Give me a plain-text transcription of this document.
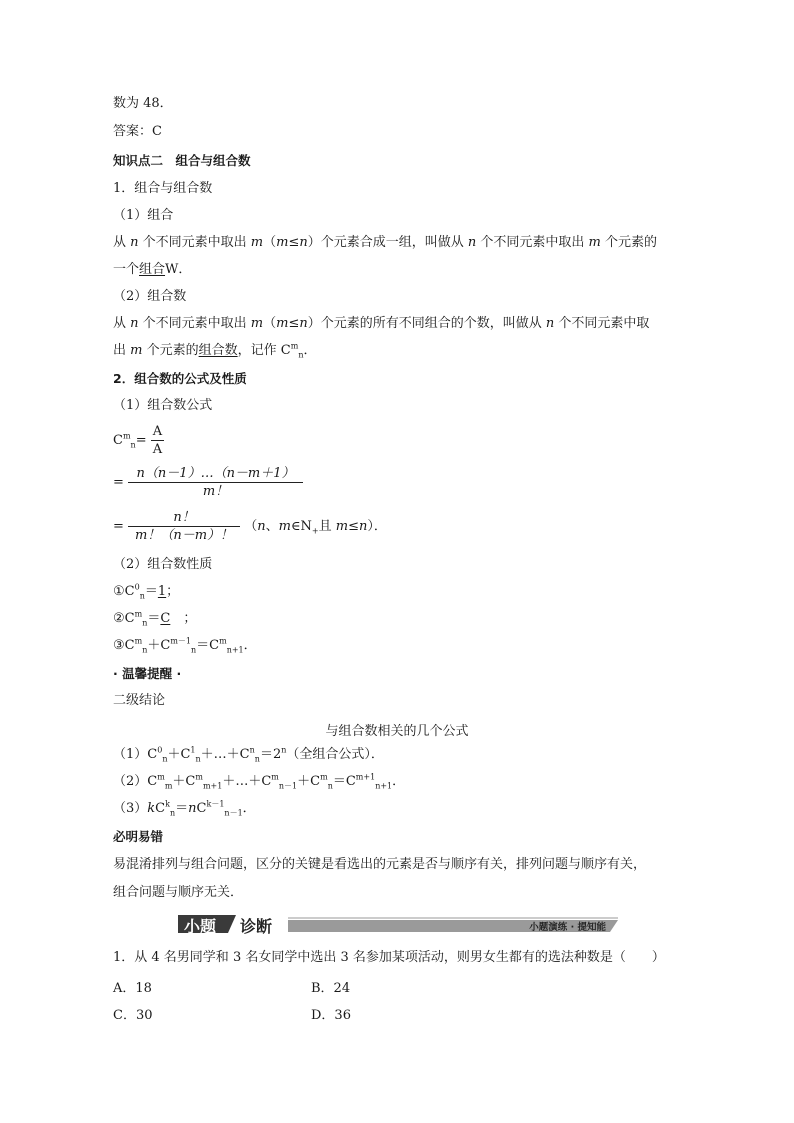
数为 48．
答案：C
知识点二　组合与组合数
1．组合与组合数
（1）组合
从 n 个不同元素中取出 m（m≤n）个元素合成一组，叫做从 n 个不同元素中取出 m 个元素的
一个组合W．
（2）组合数
从 n 个不同元素中取出 m（m≤n）个元素的所有不同组合的个数，叫做从 n 个不同元素中取
出 m 个元素的组合数，记作 $C^m_n$．
2．组合数的公式及性质
（1）组合数公式
$C^m_n= \frac{A}{A}$
= $\frac{n(n-1)\dots(n-m+1)}{m!}$
= $\frac{n!}{m!(n-m)!} (n$、$m\in N_+$且 m≤n）．
（2）组合数性质
$①C^0_n=1$；
$②C^m_n=C$　；
$③C^m_n+C^{m-1}_n=C^m_{n+1}$．
· 温馨提醒 ·
二级结论
与组合数相关的几个公式
$(1)C^0_n+C^1_n+\dots+C^n_n=2^n$（全组合公式）．
$(2)C^m_m+C^m_{m+1}+\dots+C^m_{n-1}+C^m_n=C^{m+1}_{n+1}$．
$(3)kC^k_n=nC^{k-1}_{n-1}$．
必明易错
易混淆排列与组合问题，区分的关键是看选出的元素是否与顺序有关，排列问题与顺序有关，
组合问题与顺序无关．
小题 诊断	小题演练 · 提知能
1．从 4 名男同学和 3 名女同学中选出 3 名参加某项活动，则男女生都有的选法种数是（　　）
A．18	B．24
C．30	D．36
